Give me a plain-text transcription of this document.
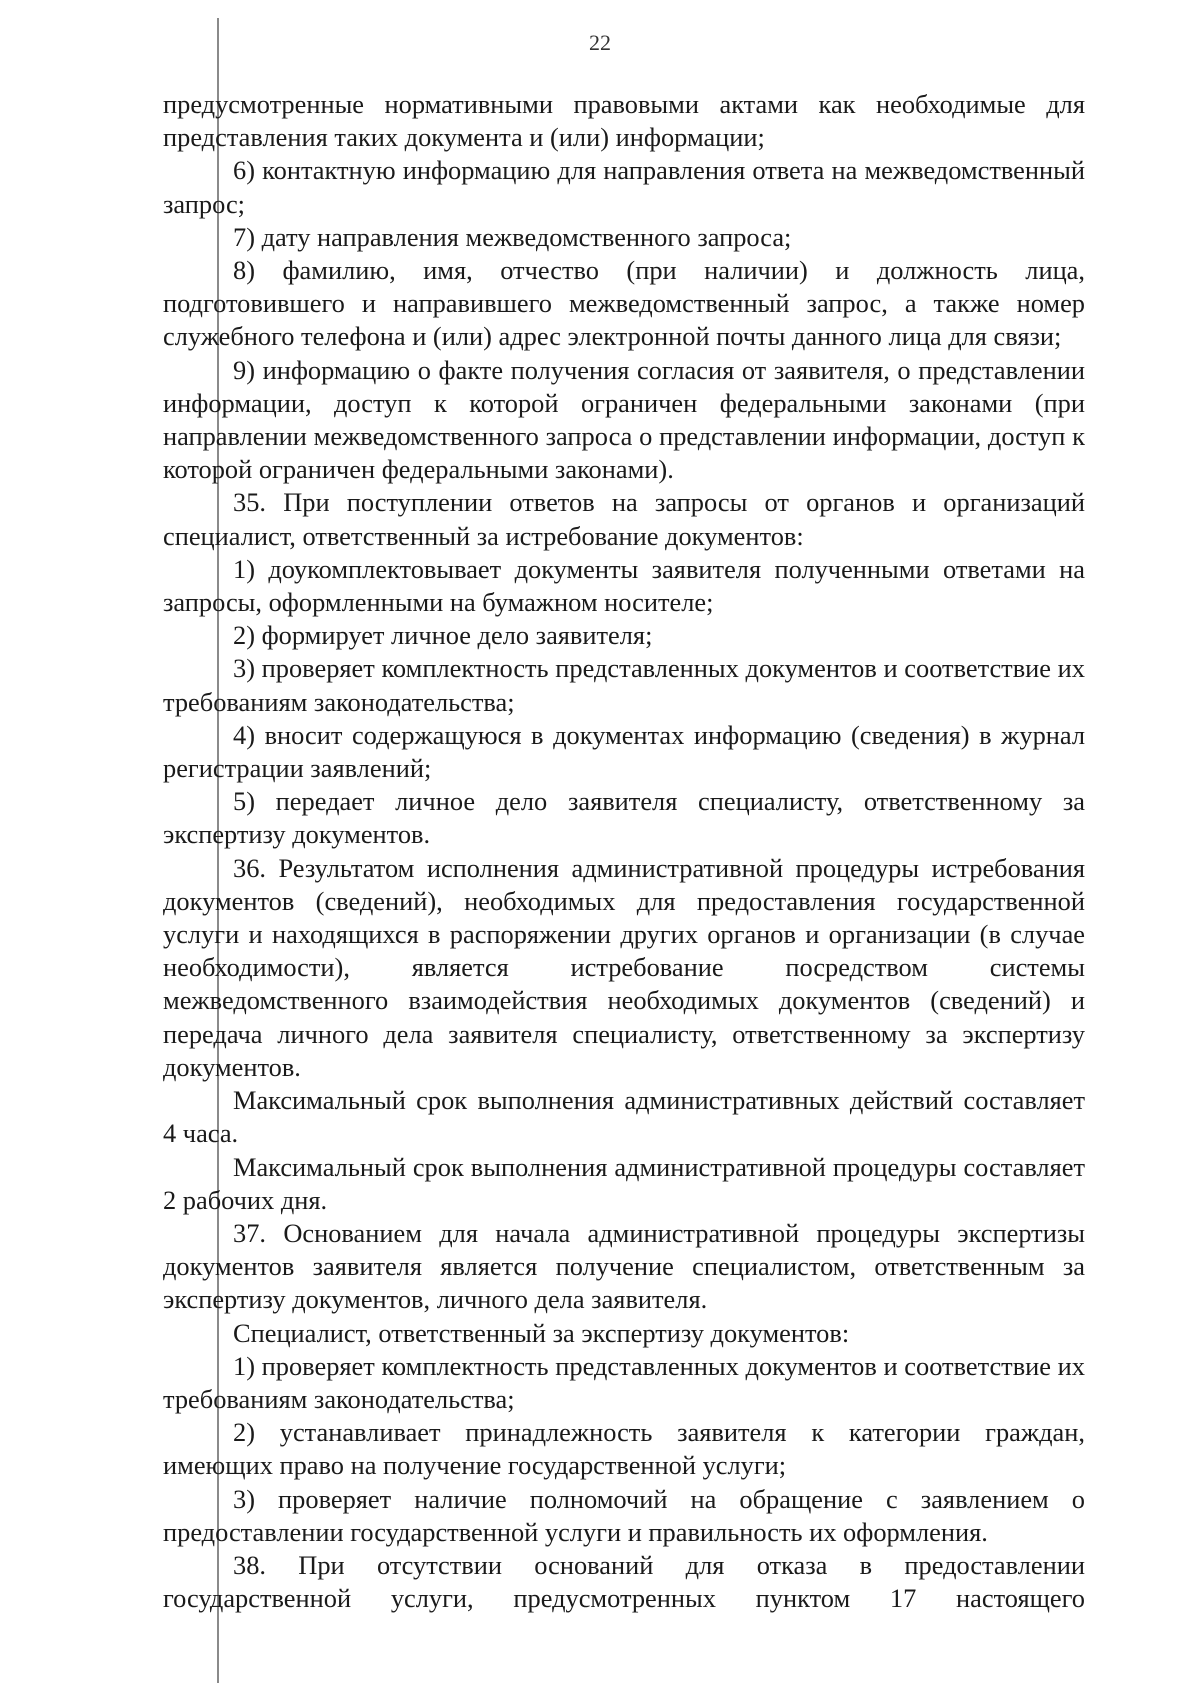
22

предусмотренные нормативными правовыми актами как необходимые для представления таких документа и (или) информации;

6) контактную информацию для направления ответа на межведомственный запрос;

7) дату направления межведомственного запроса;

8) фамилию, имя, отчество (при наличии) и должность лица, подготовившего и направившего межведомственный запрос, а также номер служебного телефона и (или) адрес электронной почты данного лица для связи;

9) информацию о факте получения согласия от заявителя, о представлении информации, доступ к которой ограничен федеральными законами (при направлении межведомственного запроса о представлении информации, доступ к которой ограничен федеральными законами).

35. При поступлении ответов на запросы от органов и организаций специалист, ответственный за истребование документов:

1) доукомплектовывает документы заявителя полученными ответами на запросы, оформленными на бумажном носителе;

2) формирует личное дело заявителя;

3) проверяет комплектность представленных документов и соответствие их требованиям законодательства;

4) вносит содержащуюся в документах информацию (сведения) в журнал регистрации заявлений;

5) передает личное дело заявителя специалисту, ответственному за экспертизу документов.

36. Результатом исполнения административной процедуры истребования документов (сведений), необходимых для предоставления государственной услуги и находящихся в распоряжении других органов и организации (в случае необходимости), является истребование посредством системы межведомственного взаимодействия необходимых документов (сведений) и передача личного дела заявителя специалисту, ответственному за экспертизу документов.

Максимальный срок выполнения административных действий составляет 4 часа.

Максимальный срок выполнения административной процедуры составляет 2 рабочих дня.

37. Основанием для начала административной процедуры экспертизы документов заявителя является получение специалистом, ответственным за экспертизу документов, личного дела заявителя.

Специалист, ответственный за экспертизу документов:

1) проверяет комплектность представленных документов и соответствие их требованиям законодательства;

2) устанавливает принадлежность заявителя к категории граждан, имеющих право на получение государственной услуги;

3) проверяет наличие полномочий на обращение с заявлением о предоставлении государственной услуги и правильность их оформления.

38. При отсутствии оснований для отказа в предоставлении государственной услуги, предусмотренных пунктом 17 настоящего
